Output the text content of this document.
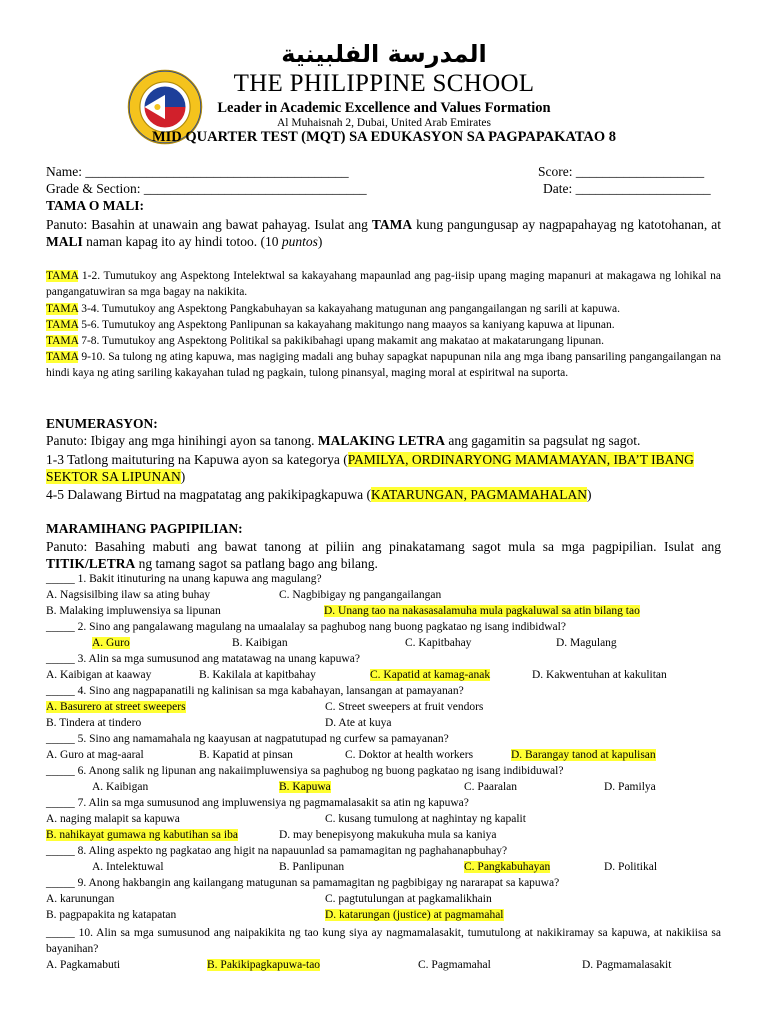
المدرسة الفلبينية
THE PHILIPPINE SCHOOL
Leader in Academic Excellence and Values Formation
Al Muhaisnah 2, Dubai, United Arab Emirates
MID QUARTER TEST (MQT) SA EDUKASYON SA PAGPAPAKATAO 8
Name: _______________________________________	Score: ___________________
Grade & Section: _________________________________	Date: ____________________
TAMA O MALI:
Panuto: Basahin at unawain ang bawat pahayag. Isulat ang TAMA kung pangungusap ay nagpapahayag ng katotohanan, at MALI naman kapag ito ay hindi totoo. (10 puntos)
TAMA 1-2. Tumutukoy ang Aspektong Intelektwal sa kakayahang mapaunlad ang pag-iisip upang maging mapanuri at makagawa ng lohikal na pangangatuwiran sa mga bagay na nakikita.
TAMA 3-4. Tumutukoy ang Aspektong Pangkabuhayan sa kakayahang matugunan ang pangangailangan ng sarili at kapuwa.
TAMA 5-6. Tumutukoy ang Aspektong Panlipunan sa kakayahang makitungo nang maayos sa kaniyang kapuwa at lipunan.
TAMA 7-8. Tumutukoy ang Aspektong Politikal sa pakikibahagi upang makamit ang makatao at makatarungang lipunan.
TAMA 9-10. Sa tulong ng ating kapuwa, mas nagiging madali ang buhay sapagkat napupunan nila ang mga ibang pansariling pangangailangan na hindi kaya ng ating sariling kakayahan tulad ng pagkain, tulong pinansyal, maging moral at espiritwal na suporta.
ENUMERASYON:
Panuto: Ibigay ang mga hinihingi ayon sa tanong. MALAKING LETRA ang gagamitin sa pagsulat ng sagot.
1-3 Tatlong maituturing na Kapuwa ayon sa kategorya (PAMILYA, ORDINARYONG MAMAMAYAN, IBA’T IBANG SEKTOR SA LIPUNAN)
4-5 Dalawang Birtud na magpatatag ang pakikipagkapuwa (KATARUNGAN, PAGMAMAHALAN)
MARAMIHANG PAGPIPILIAN:
Panuto: Basahing mabuti ang bawat tanong at piliin ang pinakatamang sagot mula sa mga pagpipilian. Isulat ang TITIK/LETRA ng tamang sagot sa patlang bago ang bilang.
_____ 1. Bakit itinuturing na unang kapuwa ang magulang?
A. Nagsisilbing ilaw sa ating buhay	C. Nagbibigay ng pangangailangan
B. Malaking impluwensiya sa lipunan	D. Unang tao na nakasasalamuha mula pagkaluwal sa atin bilang tao
_____ 2. Sino ang pangalawang magulang na umaalalay sa paghubog nang buong pagkatao ng isang indibidwal?
A. Guro	B. Kaibigan	C. Kapitbahay	D. Magulang
_____ 3. Alin sa mga sumusunod ang matatawag na unang kapuwa?
A. Kaibigan at kaaway	B. Kakilala at kapitbahay	C. Kapatid at kamag-anak	D. Kakwentuhan at kakulitan
_____ 4. Sino ang nagpapanatili ng kalinisan sa mga kabahayan, lansangan at pamayanan?
A. Basurero at street sweepers	C. Street sweepers at fruit vendors
B. Tindera at tindero	D. Ate at kuya
_____ 5. Sino ang namamahala ng kaayusan at nagpatutupad ng curfew sa pamayanan?
A. Guro at mag-aaral	B. Kapatid at pinsan	C. Doktor at health workers	D. Barangay tanod at kapulisan
_____ 6. Anong salik ng lipunan ang nakaiimpluwensiya sa paghubog ng buong pagkatao ng isang indibiduwal?
A. Kaibigan	B. Kapuwa	C. Paaralan	D. Pamilya
_____ 7. Alin sa mga sumusunod ang impluwensiya ng pagmamalasakit sa atin ng kapuwa?
A. naging malapit sa kapuwa	C. kusang tumulong at naghintay ng kapalit
B. nahikayat gumawa ng kabutihan sa iba	D. may benepisyong makukuha mula sa kaniya
_____ 8. Aling aspekto ng pagkatao ang higit na napauunlad sa pamamagitan ng paghahanapbuhay?
A. Intelektuwal	B. Panlipunan	C. Pangkabuhayan	D. Politikal
_____ 9. Anong hakbangin ang kailangang matugunan sa pamamagitan ng pagbibigay ng nararapat sa kapuwa?
A. karunungan	C. pagtutulungan at pagkamalikhain
B. pagpapakita ng katapatan	D. katarungan (justice) at pagmamahal
_____ 10. Alin sa mga sumusunod ang naipakikita ng tao kung siya ay nagmamalasakit, tumutulong at nakikiramay sa kapuwa, at nakikiisa sa bayanihan?
A. Pagkamabuti	B. Pakikipagkapuwa-tao	C. Pagmamahal	D. Pagmamalasakit
